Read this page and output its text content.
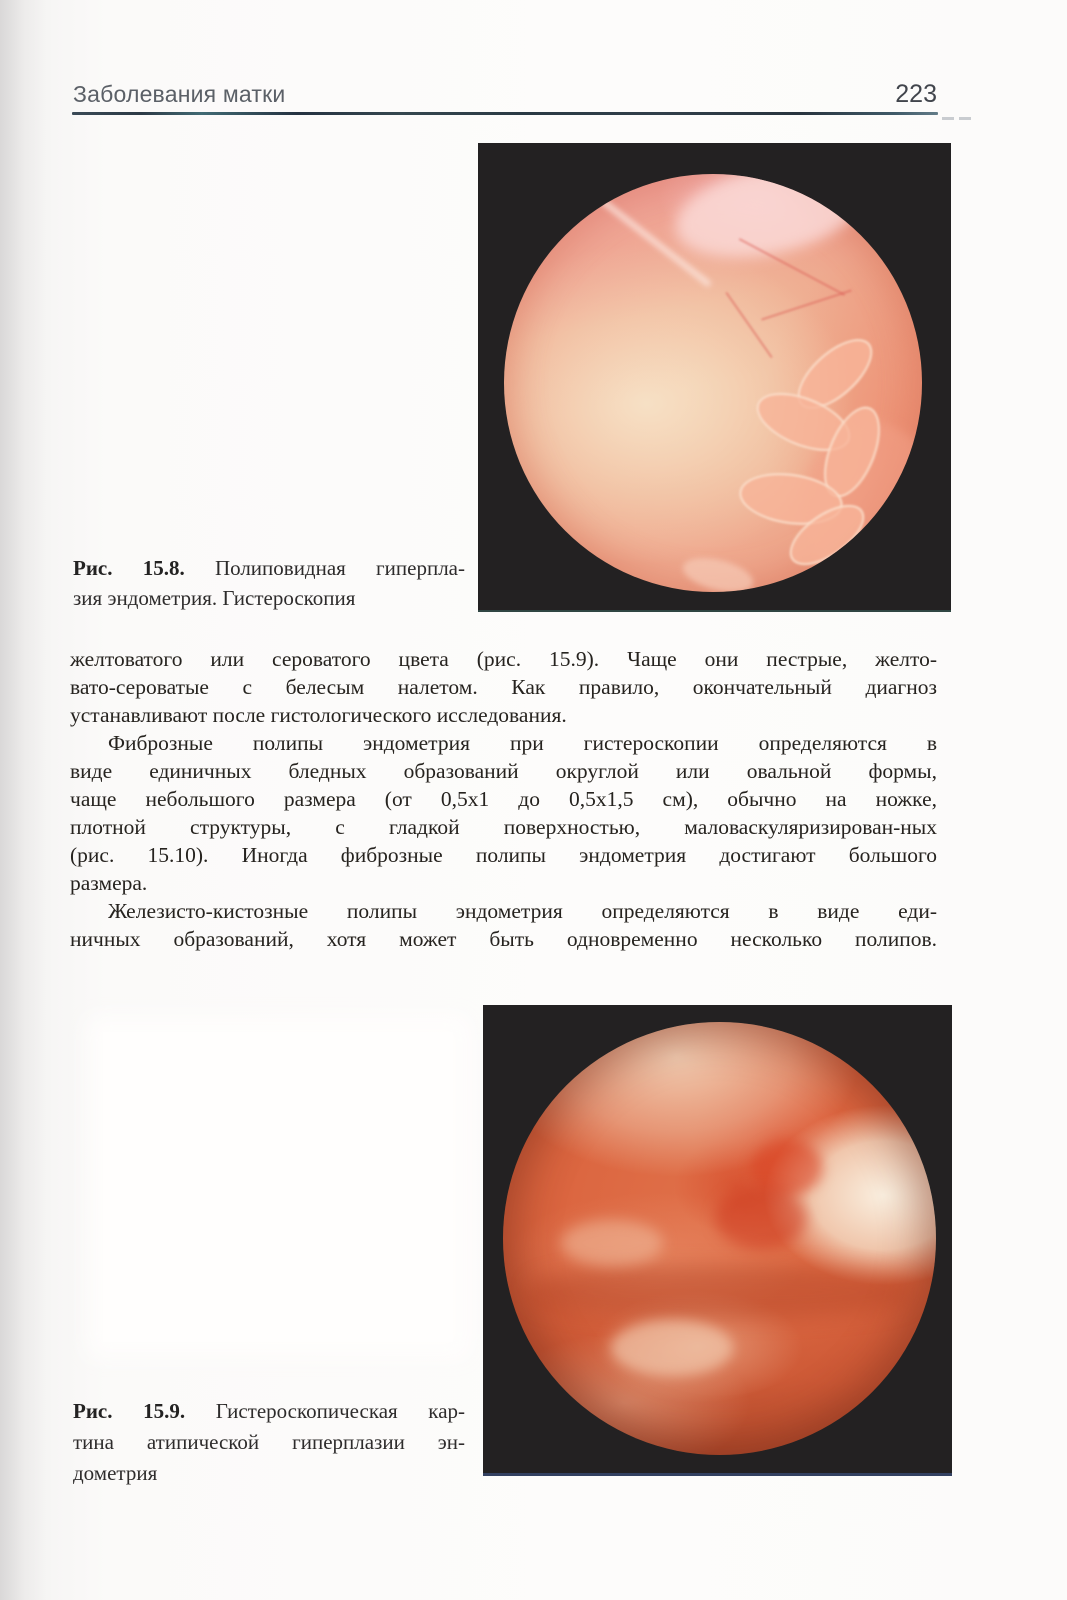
Заболевания матки	223
Рис. 15.8. Полиповидная гиперпла-
зия эндометрия. Гистероскопия
желтоватого или сероватого цвета (рис. 15.9). Чаще они пестрые, желто-
вато-сероватые с белесым налетом. Как правило, окончательный диагноз
устанавливают после гистологического исследования.
Фиброзные полипы эндометрия при гистероскопии определяются в
виде единичных бледных образований округлой или овальной формы,
чаще небольшого размера (от 0,5х1 до 0,5х1,5 см), обычно на ножке,
плотной структуры, с гладкой поверхностью, маловаскуляризирован-ных
(рис. 15.10). Иногда фиброзные полипы эндометрия достигают большого
размера.
Железисто-кистозные полипы эндометрия определяются в виде еди-
ничных образований, хотя может быть одновременно несколько полипов.
Рис. 15.9. Гистероскопическая кар-
тина атипической гиперплазии эн-
дометрия
